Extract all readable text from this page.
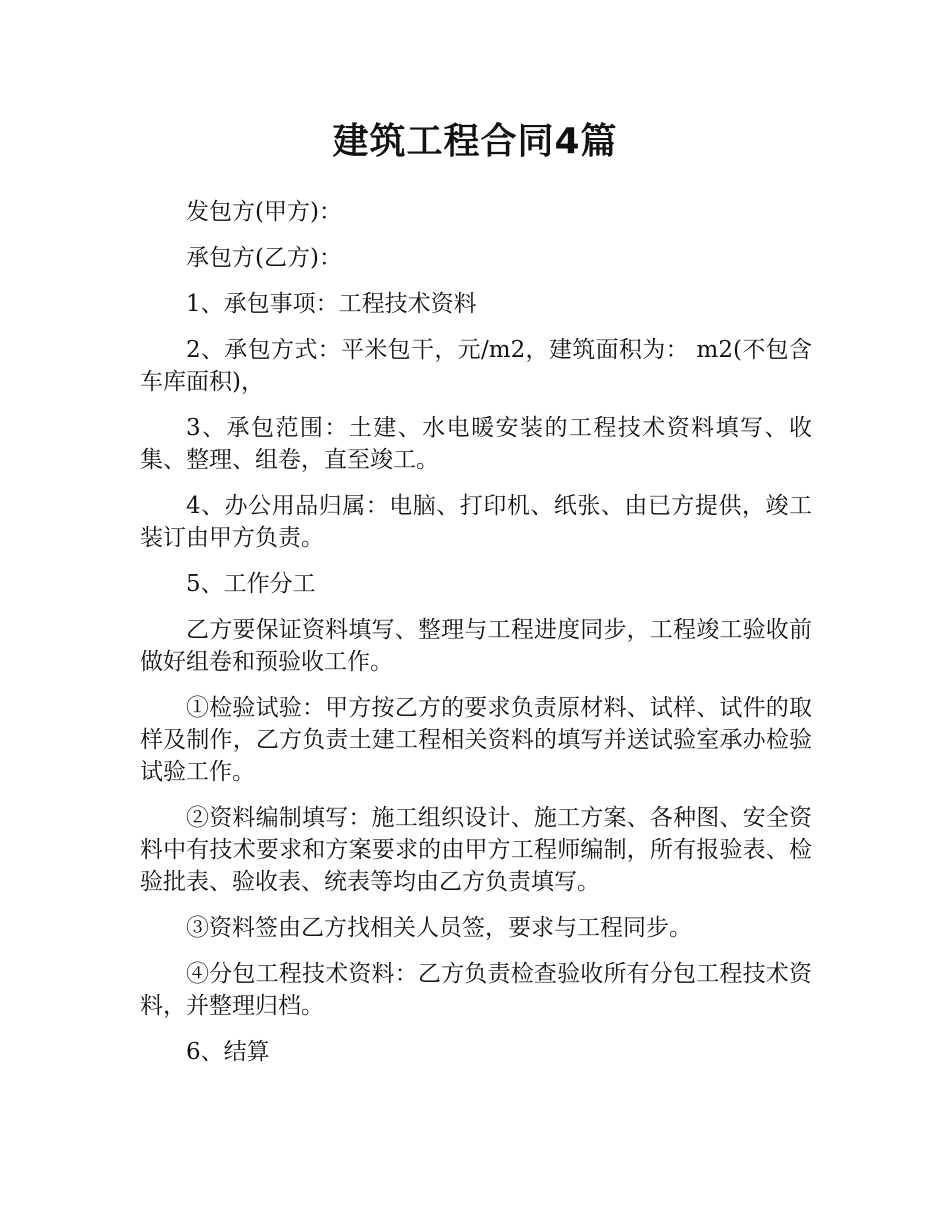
建筑工程合同4篇

发包方(甲方)：

承包方(乙方)：

1、承包事项：工程技术资料

2、承包方式：平米包干，元/m2，建筑面积为： m2(不包含车库面积)，

3、承包范围：土建、水电暖安装的工程技术资料填写、收集、整理、组卷，直至竣工。

4、办公用品归属：电脑、打印机、纸张、由已方提供，竣工装订由甲方负责。

5、工作分工

乙方要保证资料填写、整理与工程进度同步，工程竣工验收前做好组卷和预验收工作。

①检验试验：甲方按乙方的要求负责原材料、试样、试件的取样及制作，乙方负责土建工程相关资料的填写并送试验室承办检验试验工作。

②资料编制填写：施工组织设计、施工方案、各种图、安全资料中有技术要求和方案要求的由甲方工程师编制，所有报验表、检验批表、验收表、统表等均由乙方负责填写。

③资料签由乙方找相关人员签，要求与工程同步。

④分包工程技术资料：乙方负责检查验收所有分包工程技术资料，并整理归档。

6、结算
